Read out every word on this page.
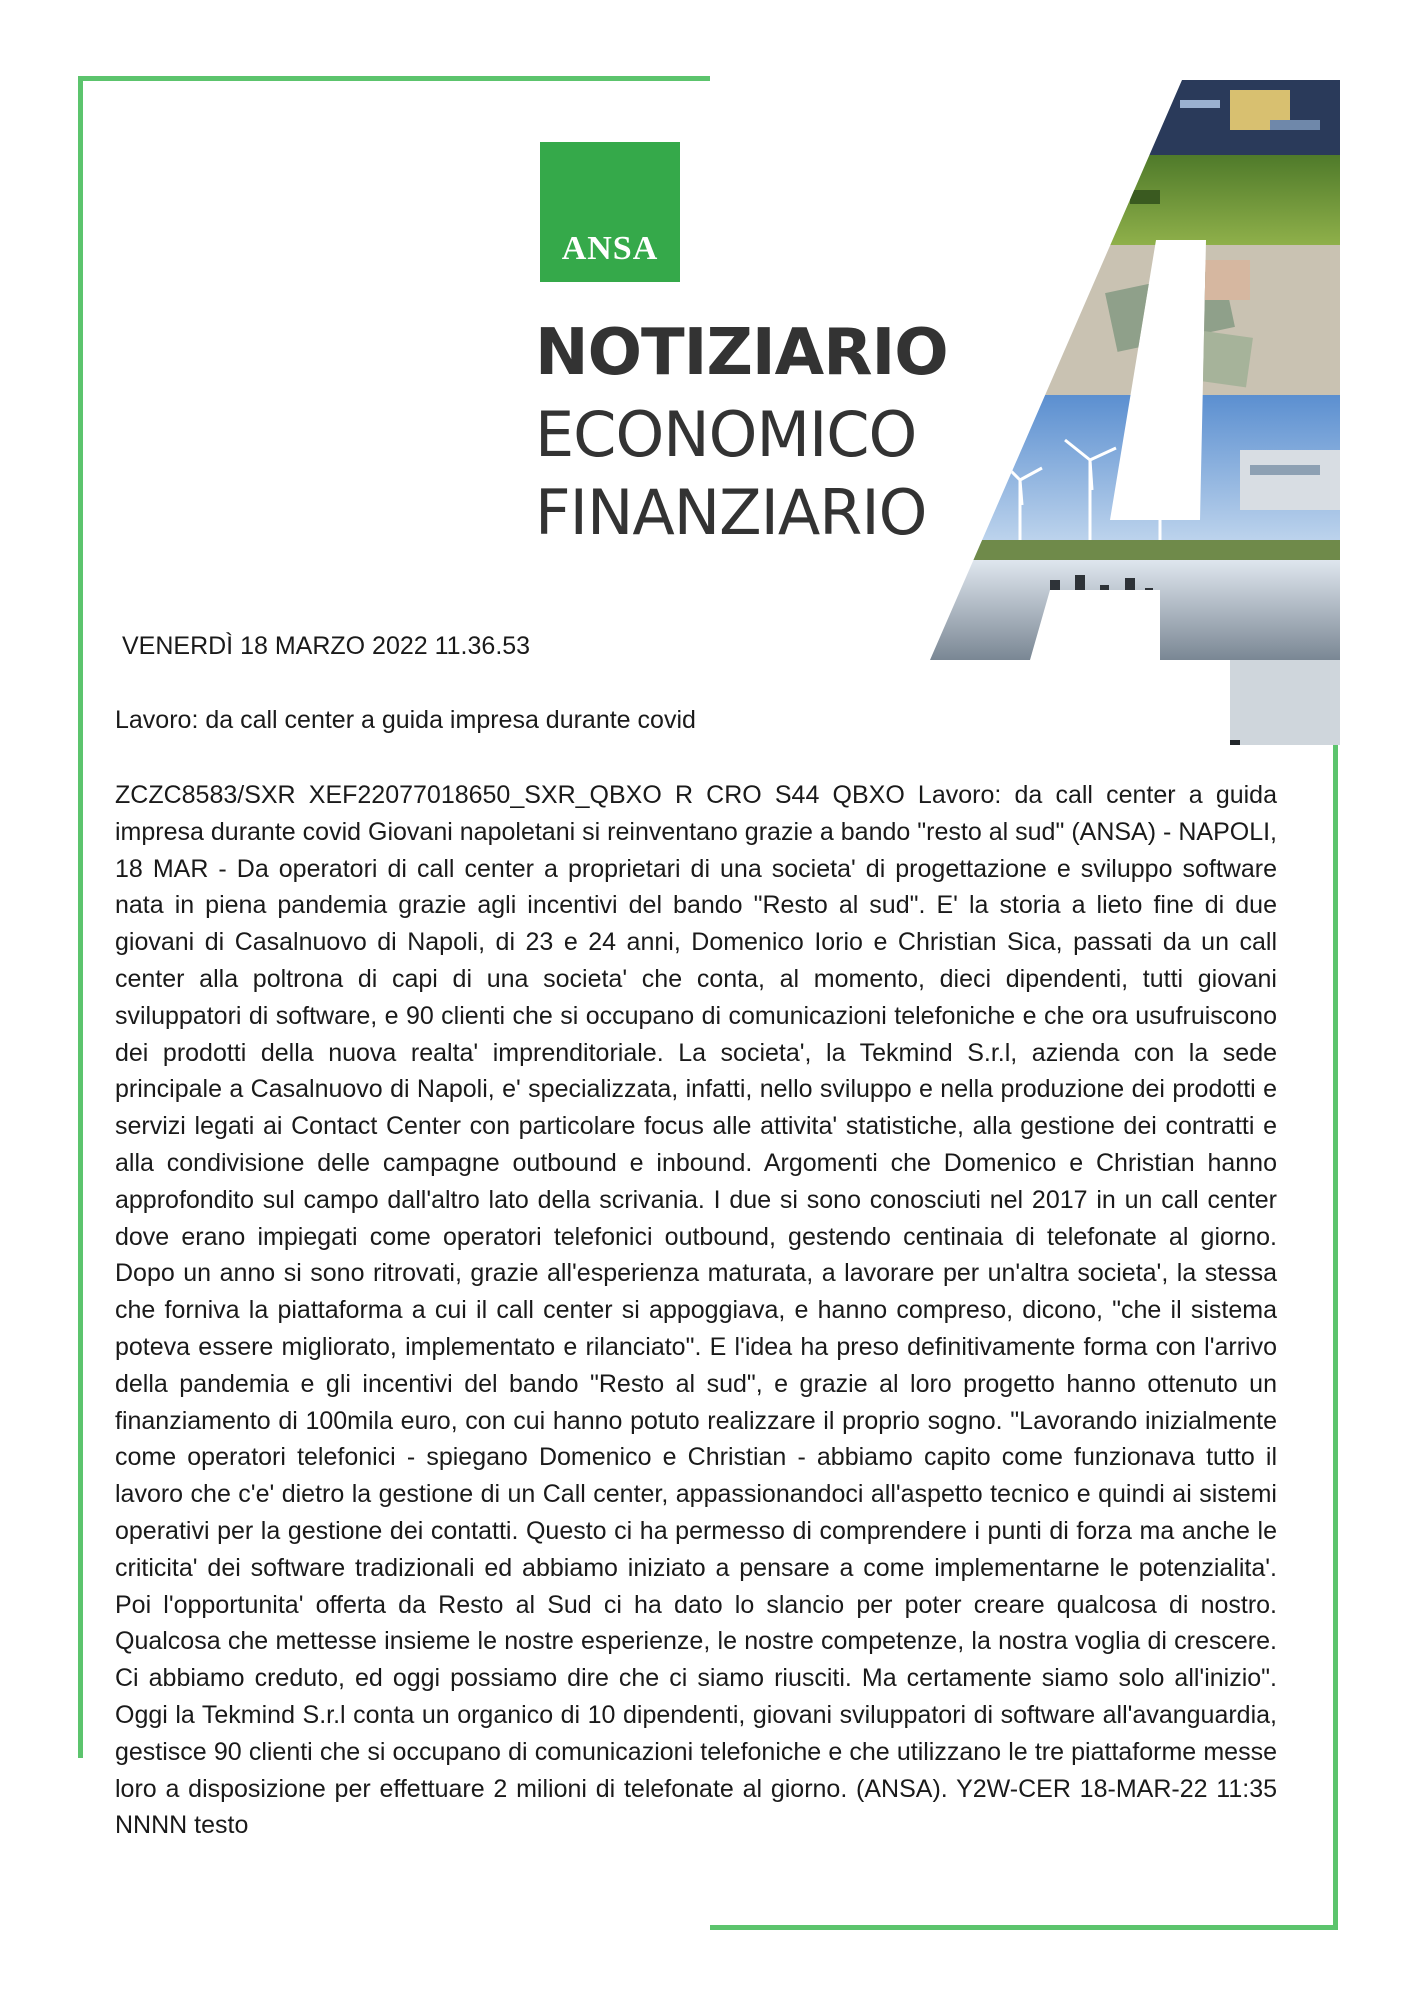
ANSA
NOTIZIARIO
ECONOMICO
FINANZIARIO
VENERDÌ 18 MARZO 2022 11.36.53
Lavoro: da call center a guida impresa durante covid

ZCZC8583/SXR XEF22077018650_SXR_QBXO R CRO S44 QBXO Lavoro: da call center a guida impresa durante covid Giovani napoletani si reinventano grazie a bando "resto al sud" (ANSA) - NAPOLI, 18 MAR - Da operatori di call center a proprietari di una societa' di progettazione e sviluppo software nata in piena pandemia grazie agli incentivi del bando "Resto al sud". E' la storia a lieto fine di due giovani di Casalnuovo di Napoli, di 23 e 24 anni, Domenico Iorio e Christian Sica, passati da un call center alla poltrona di capi di una societa' che conta, al momento, dieci dipendenti, tutti giovani sviluppatori di software, e 90 clienti che si occupano di comunicazioni telefoniche e che ora usufruiscono dei prodotti della nuova realta' imprenditoriale. La societa', la Tekmind S.r.l, azienda con la sede principale a Casalnuovo di Napoli, e' specializzata, infatti, nello sviluppo e nella produzione dei prodotti e servizi legati ai Contact Center con particolare focus alle attivita' statistiche, alla gestione dei contratti e alla condivisione delle campagne outbound e inbound. Argomenti che Domenico e Christian hanno approfondito sul campo dall'altro lato della scrivania. I due si sono conosciuti nel 2017 in un call center dove erano impiegati come operatori telefonici outbound, gestendo centinaia di telefonate al giorno. Dopo un anno si sono ritrovati, grazie all'esperienza maturata, a lavorare per un'altra societa', la stessa che forniva la piattaforma a cui il call center si appoggiava, e hanno compreso, dicono, "che il sistema poteva essere migliorato, implementato e rilanciato". E l'idea ha preso definitivamente forma con l'arrivo della pandemia e gli incentivi del bando "Resto al sud", e grazie al loro progetto hanno ottenuto un finanziamento di 100mila euro, con cui hanno potuto realizzare il proprio sogno. "Lavorando inizialmente come operatori telefonici - spiegano Domenico e Christian - abbiamo capito come funzionava tutto il lavoro che c'e' dietro la gestione di un Call center, appassionandoci all'aspetto tecnico e quindi ai sistemi operativi per la gestione dei contatti. Questo ci ha permesso di comprendere i punti di forza ma anche le criticita' dei software tradizionali ed abbiamo iniziato a pensare a come implementarne le potenzialita'. Poi l'opportunita' offerta da Resto al Sud ci ha dato lo slancio per poter creare qualcosa di nostro. Qualcosa che mettesse insieme le nostre esperienze, le nostre competenze, la nostra voglia di crescere. Ci abbiamo creduto, ed oggi possiamo dire che ci siamo riusciti. Ma certamente siamo solo all'inizio". Oggi la Tekmind S.r.l conta un organico di 10 dipendenti, giovani sviluppatori di software all'avanguardia, gestisce 90 clienti che si occupano di comunicazioni telefoniche e che utilizzano le tre piattaforme messe loro a disposizione per effettuare 2 milioni di telefonate al giorno. (ANSA). Y2W-CER 18-MAR-22 11:35 NNNN testo
